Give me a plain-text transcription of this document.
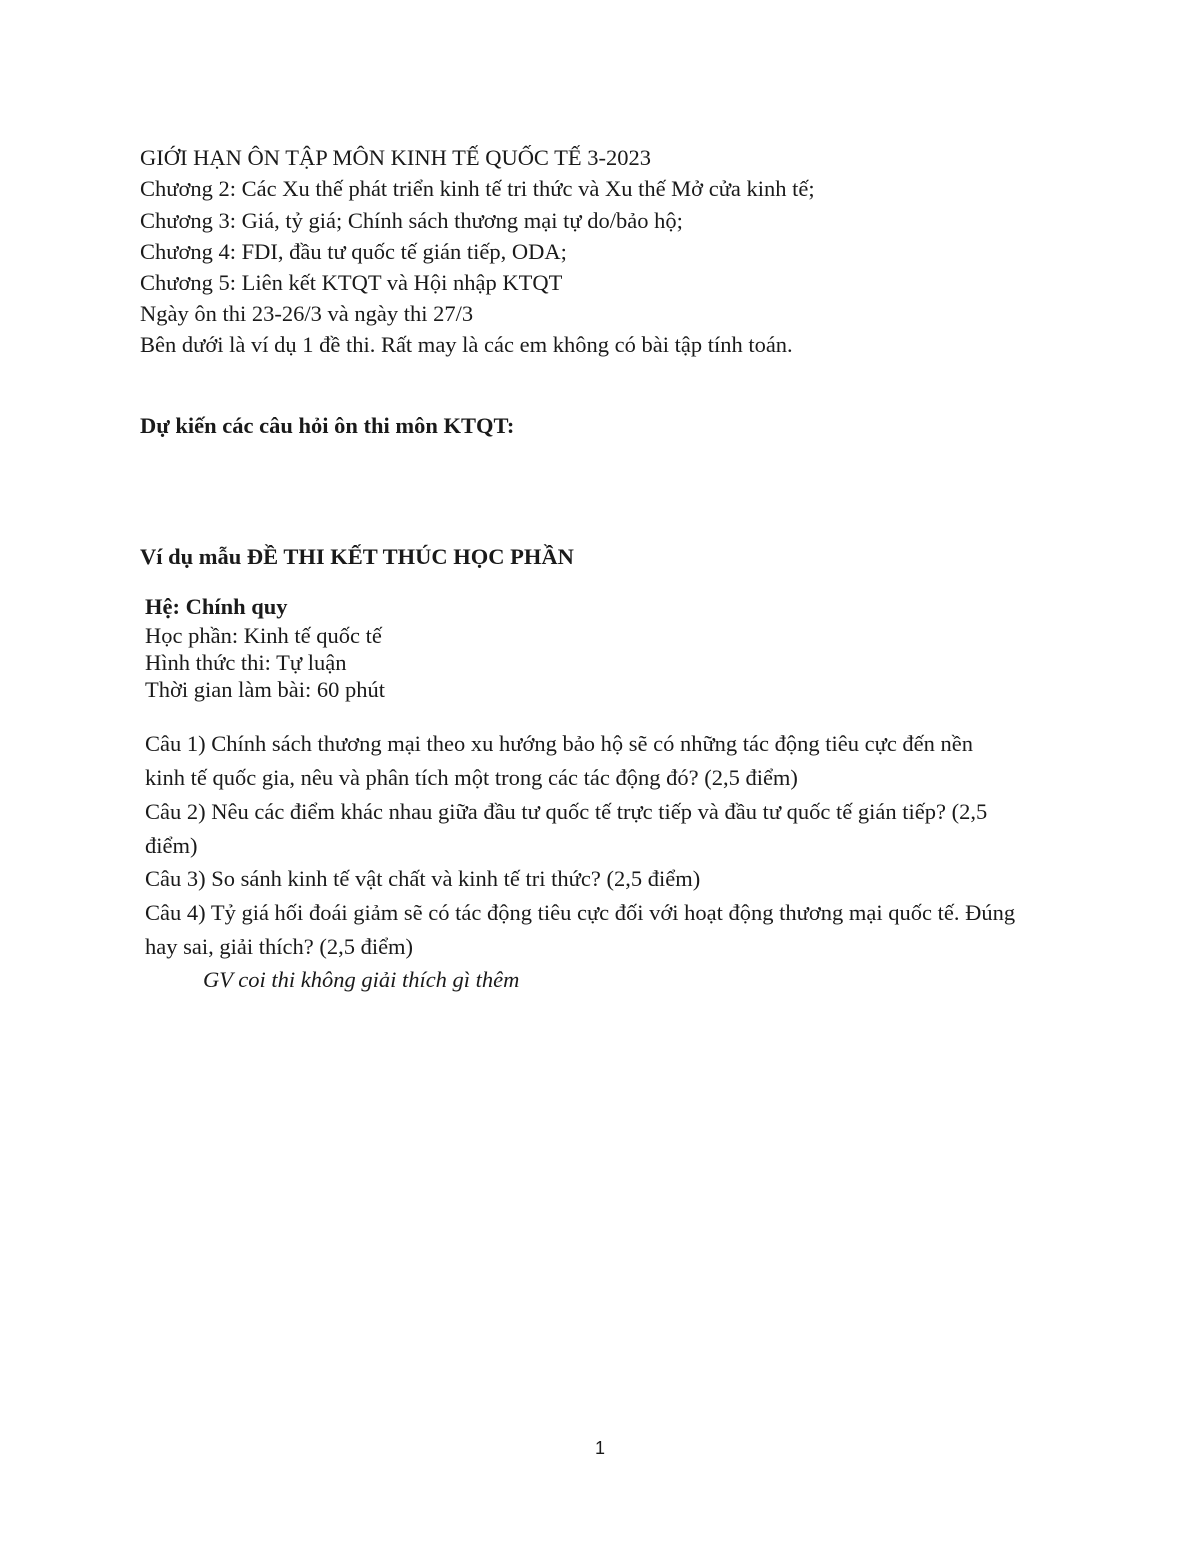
GIỚI HẠN ÔN TẬP MÔN KINH TẾ QUỐC TẾ 3-2023
Chương 2: Các Xu thế phát triển kinh tế tri thức và Xu thế Mở cửa kinh tế;
Chương 3: Giá, tỷ giá; Chính sách thương mại tự do/bảo hộ;
Chương 4: FDI, đầu tư quốc tế gián tiếp, ODA;
Chương 5: Liên kết KTQT và Hội nhập KTQT
Ngày ôn thi 23-26/3 và ngày thi 27/3
Bên dưới là ví dụ 1 đề thi. Rất may là các em không có bài tập tính toán.
Dự kiến các câu hỏi ôn thi môn KTQT:
Ví dụ mẫu ĐỀ THI KẾT THÚC HỌC PHẦN
Hệ: Chính quy
Học phần: Kinh tế quốc tế
Hình thức thi: Tự luận
Thời gian làm bài: 60 phút
Câu 1) Chính sách thương mại theo xu hướng bảo hộ sẽ có những tác động tiêu cực đến nền
kinh tế quốc gia, nêu và phân tích một trong các tác động đó? (2,5 điểm)
Câu 2) Nêu các điểm khác nhau giữa đầu tư quốc tế trực tiếp và đầu tư quốc tế gián tiếp? (2,5
điểm)
Câu 3) So sánh kinh tế vật chất và kinh tế tri thức? (2,5 điểm)
Câu 4) Tỷ giá hối đoái giảm sẽ có tác động tiêu cực đối với hoạt động thương mại quốc tế. Đúng
hay sai, giải thích? (2,5 điểm)
GV coi thi không giải thích gì thêm
1
